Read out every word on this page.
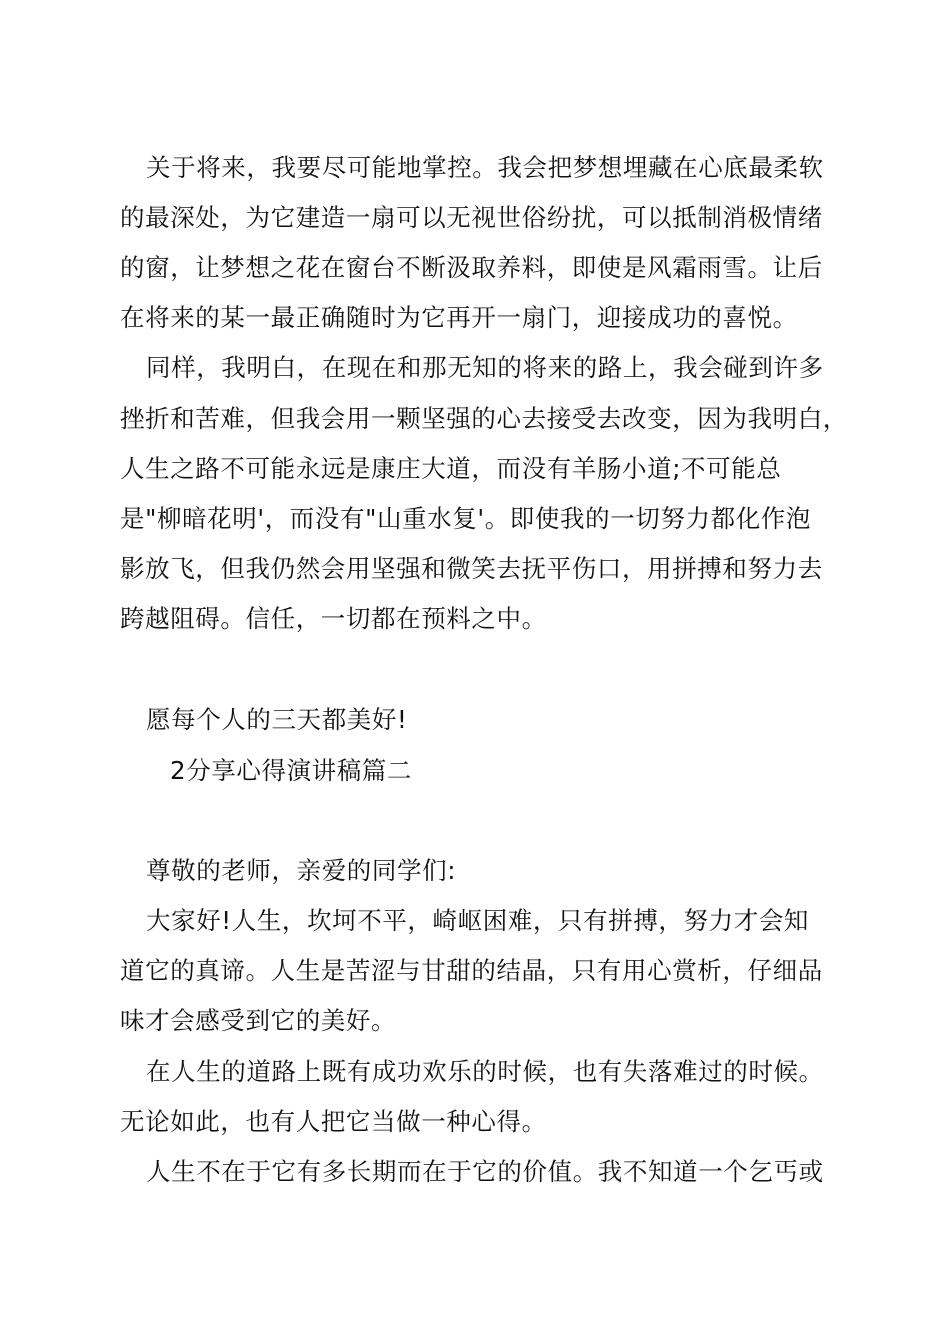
关于将来，我要尽可能地掌控。我会把梦想埋藏在心底最柔软
的最深处，为它建造一扇可以无视世俗纷扰，可以抵制消极情绪
的窗，让梦想之花在窗台不断汲取养料，即使是风霜雨雪。让后
在将来的某一最正确随时为它再开一扇门，迎接成功的喜悦。
同样，我明白，在现在和那无知的将来的路上，我会碰到许多
挫折和苦难，但我会用一颗坚强的心去接受去改变，因为我明白，
人生之路不可能永远是康庄大道，而没有羊肠小道;不可能总
是"柳暗花明'，而没有"山重水复'。即使我的一切努力都化作泡
影放飞，但我仍然会用坚强和微笑去抚平伤口，用拼搏和努力去
跨越阻碍。信任，一切都在预料之中。
愿每个人的三天都美好!
2分享心得演讲稿篇二
尊敬的老师，亲爱的同学们:
大家好!人生，坎坷不平，崎岖困难，只有拼搏，努力才会知
道它的真谛。人生是苦涩与甘甜的结晶，只有用心赏析，仔细品
味才会感受到它的美好。
在人生的道路上既有成功欢乐的时候，也有失落难过的时候。
无论如此，也有人把它当做一种心得。
人生不在于它有多长期而在于它的价值。我不知道一个乞丐或
